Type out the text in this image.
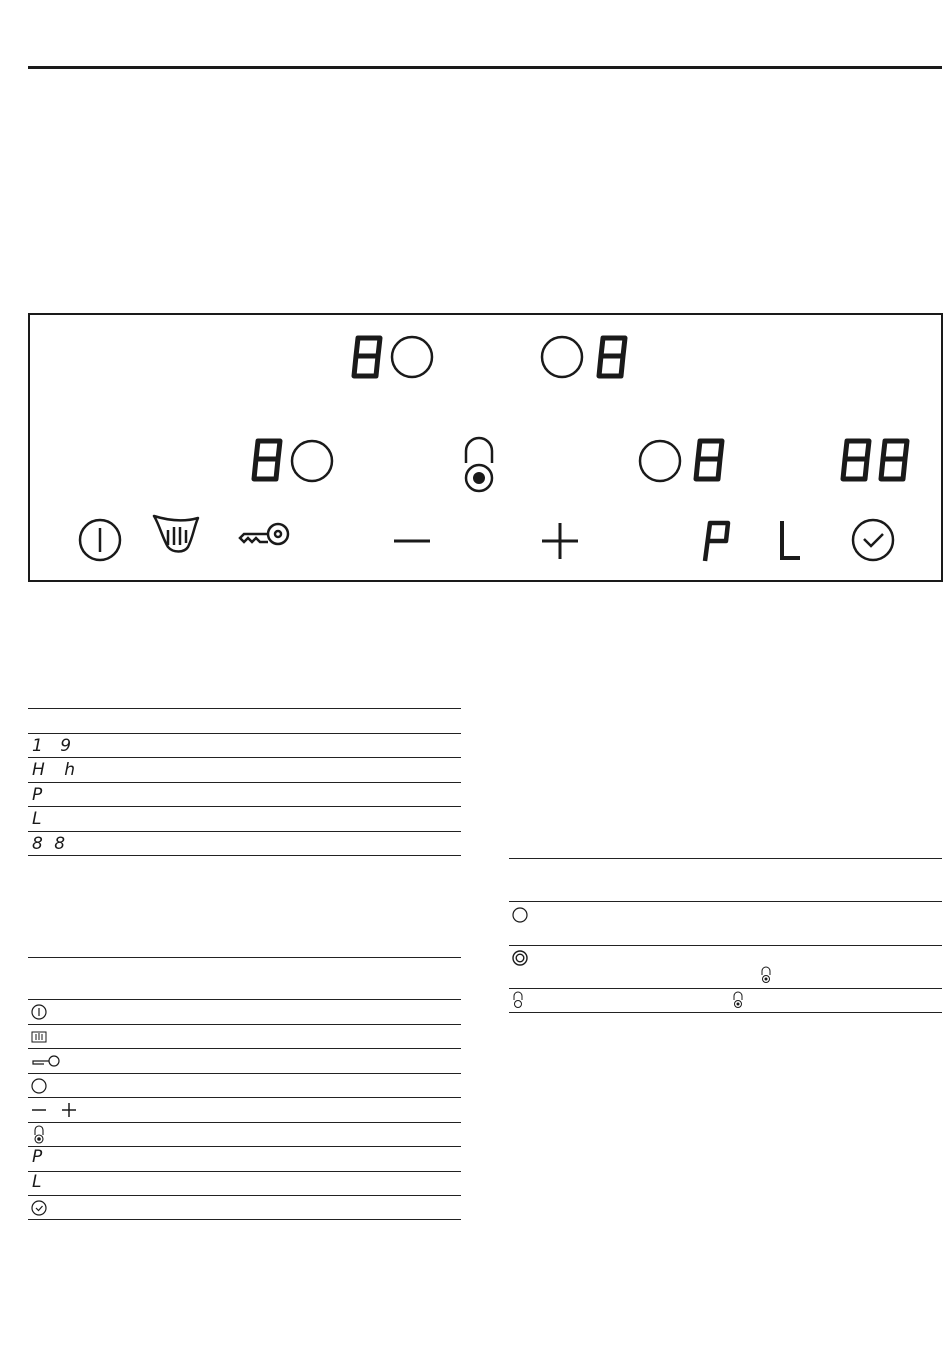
1 9
H h
P
L
8 8
P
L
